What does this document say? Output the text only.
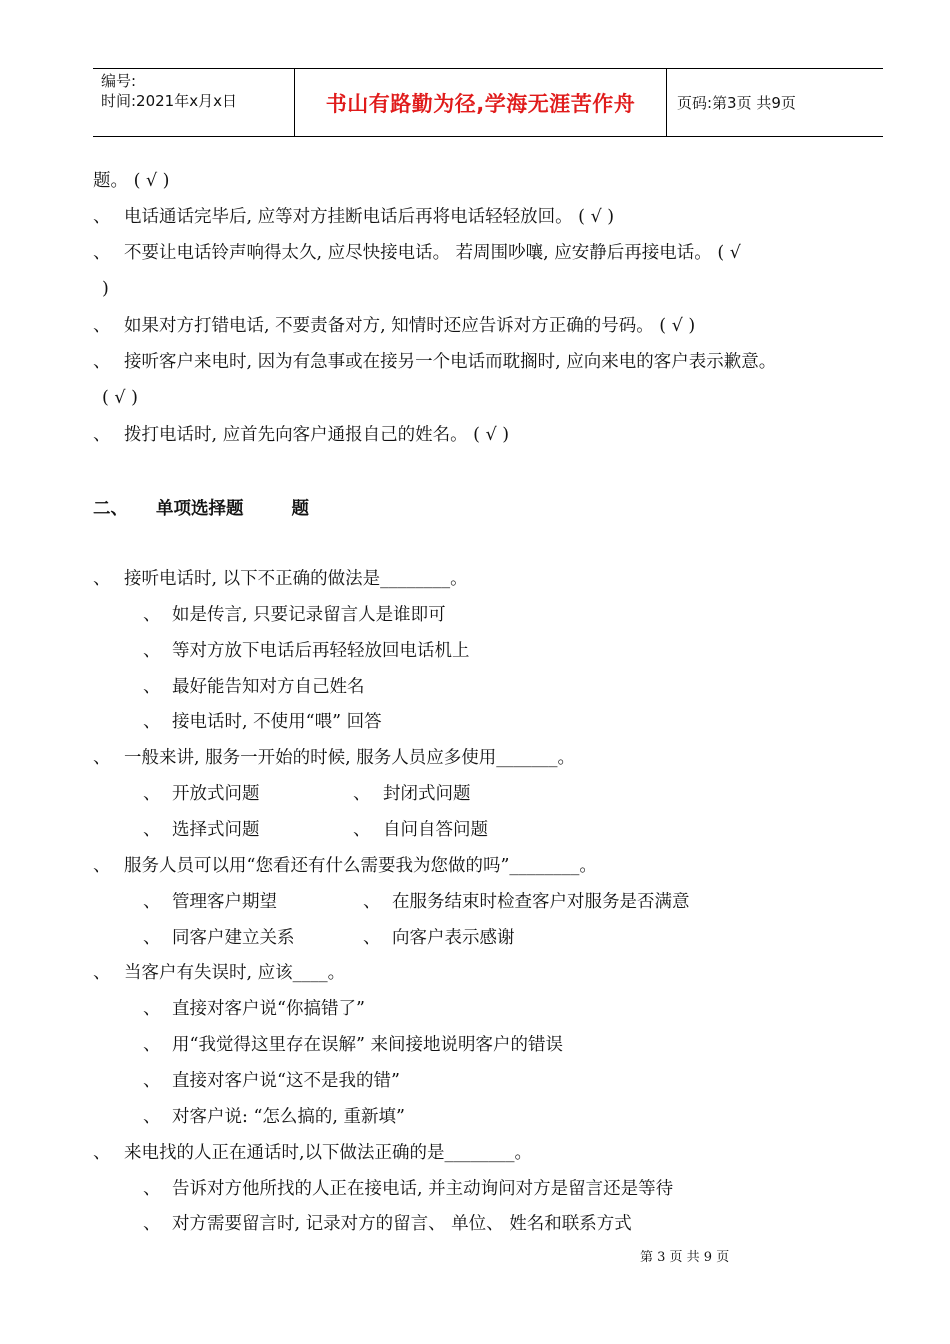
编号:
时间:2021年x月x日	书山有路勤为径,学海无涯苦作舟	页码:第3页 共9页
题。 ( √ )
、 电话通话完毕后, 应等对方挂断电话后再将电话轻轻放回。 ( √ )
、 不要让电话铃声响得太久, 应尽快接电话。 若周围吵嚷, 应安静后再接电话。 ( √
)
、 如果对方打错电话, 不要责备对方, 知情时还应告诉对方正确的号码。 ( √ )
、 接听客户来电时, 因为有急事或在接另一个电话而耽搁时, 应向来电的客户表示歉意。
( √ )
、 拨打电话时, 应首先向客户通报自己的姓名。 ( √ )
二、 单项选择题	题
、 接听电话时, 以下不正确的做法是________。
、 如是传言, 只要记录留言人是谁即可
、 等对方放下电话后再轻轻放回电话机上
、 最好能告知对方自己姓名
、 接电话时, 不使用“喂” 回答
、 一般来讲, 服务一开始的时候, 服务人员应多使用_______。
、 开放式问题	、 封闭式问题
、 选择式问题	、 自问自答问题
、 服务人员可以用“您看还有什么需要我为您做的吗”________。
、 管理客户期望	、 在服务结束时检查客户对服务是否满意
、 同客户建立关系	、 向客户表示感谢
、 当客户有失误时, 应该____。
、 直接对客户说“你搞错了”
、 用“我觉得这里存在误解” 来间接地说明客户的错误
、 直接对客户说“这不是我的错”
、 对客户说: “怎么搞的, 重新填”
、 来电找的人正在通话时,以下做法正确的是________。
、 告诉对方他所找的人正在接电话, 并主动询问对方是留言还是等待
、 对方需要留言时, 记录对方的留言、 单位、 姓名和联系方式
第 3 页 共 9 页
